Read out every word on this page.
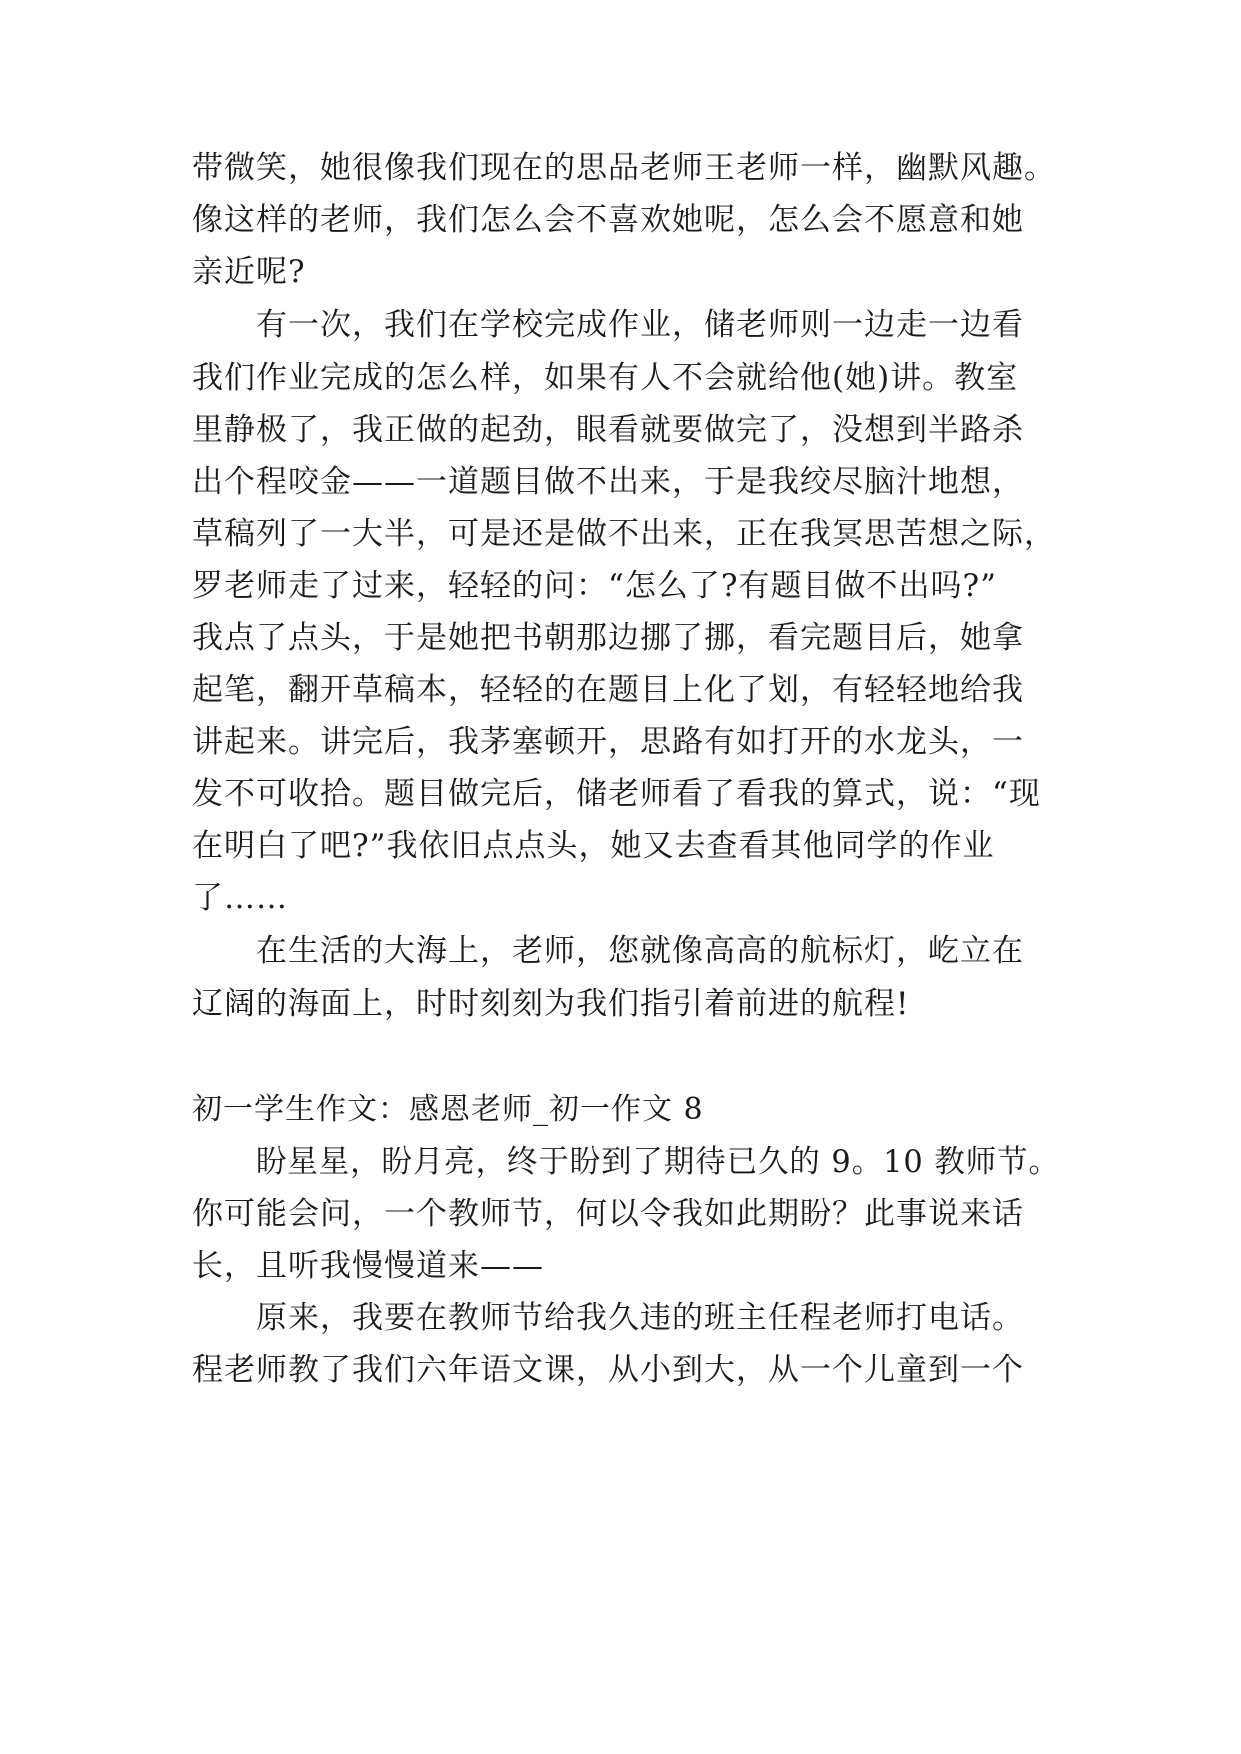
带微笑，她很像我们现在的思品老师王老师一样，幽默风趣。
像这样的老师，我们怎么会不喜欢她呢，怎么会不愿意和她
亲近呢?
有一次，我们在学校完成作业，储老师则一边走一边看
我们作业完成的怎么样，如果有人不会就给他(她)讲。教室
里静极了，我正做的起劲，眼看就要做完了，没想到半路杀
出个程咬金——一道题目做不出来，于是我绞尽脑汁地想，
草稿列了一大半，可是还是做不出来，正在我冥思苦想之际，
罗老师走了过来，轻轻的问：“怎么了?有题目做不出吗?”
我点了点头，于是她把书朝那边挪了挪，看完题目后，她拿
起笔，翻开草稿本，轻轻的在题目上化了划，有轻轻地给我
讲起来。讲完后，我茅塞顿开，思路有如打开的水龙头，一
发不可收拾。题目做完后，储老师看了看我的算式，说：“现
在明白了吧?”我依旧点点头，她又去查看其他同学的作业
了……
在生活的大海上，老师，您就像高高的航标灯，屹立在
辽阔的海面上，时时刻刻为我们指引着前进的航程!
初一学生作文：感恩老师_初一作文 8
盼星星，盼月亮，终于盼到了期待已久的 9。10 教师节。
你可能会问，一个教师节，何以令我如此期盼？此事说来话
长，且听我慢慢道来——
原来，我要在教师节给我久违的班主任程老师打电话。
程老师教了我们六年语文课，从小到大，从一个儿童到一个
